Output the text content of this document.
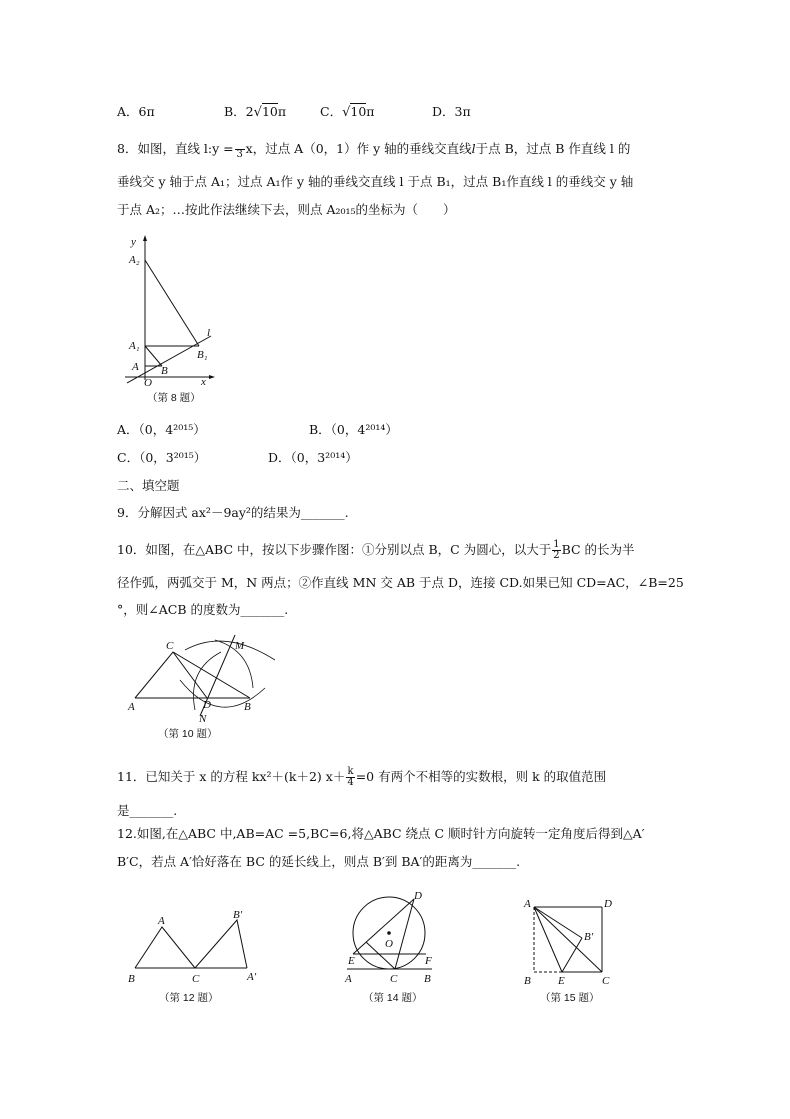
A．6π	B．2√10π	C．√10π	D．3π
8．如图，直线 l:y =
3 x，过点 A（0，1）作 y 轴的垂线交直线l于点 B，过点 B 作直线 l 的
垂线交 y 轴于点 A₁；过点 A₁作 y 轴的垂线交直线 l 于点 B₁，过点 B₁作直线 l 的垂线交 y 轴
于点 A₂；…按此作法继续下去，则点 A₂₀₁₅的坐标为（　　）
y
x
A₂
A₁
A
B₁
B
O
l
（第 8 题）
A．（0，4²⁰¹⁵）	B．（0，4²⁰¹⁴）
C．（0，3²⁰¹⁵）	D．（0，3²⁰¹⁴）
二、填空题
9．分解因式 ax²－9ay²的结果为_______.
10．如图，在△ABC 中，按以下步骤作图：①分别以点 B，C 为圆心，以大于 $\frac{1}{2}$ BC 的长为半
径作弧，两弧交于 M，N 两点；②作直线 MN 交 AB 于点 D，连接 CD.如果已知 CD=AC，∠B=25
°，则∠ACB 的度数为_______.
C	M
A	D	B
N
（第 10 题）
11．已知关于 x 的方程 kx²＋(k＋2) $x+ \frac{k}{4} =0$ 有两个不相等的实数根，则 k 的取值范围
是_______.
12.如图,在△ABC 中,AB=AC =5,BC=6,将△ABC 绕点 C 顺时针方向旋转一定角度后得到△A′
B′C，若点 A′恰好落在 BC 的延长线上，则点 B′到 BA′的距离为_______.
A	B′
B	C	A′
（第 12 题）
D
O
E	F
A	C B
（第 14 题）
A	D
B′
B E	C
（第 15 题）
